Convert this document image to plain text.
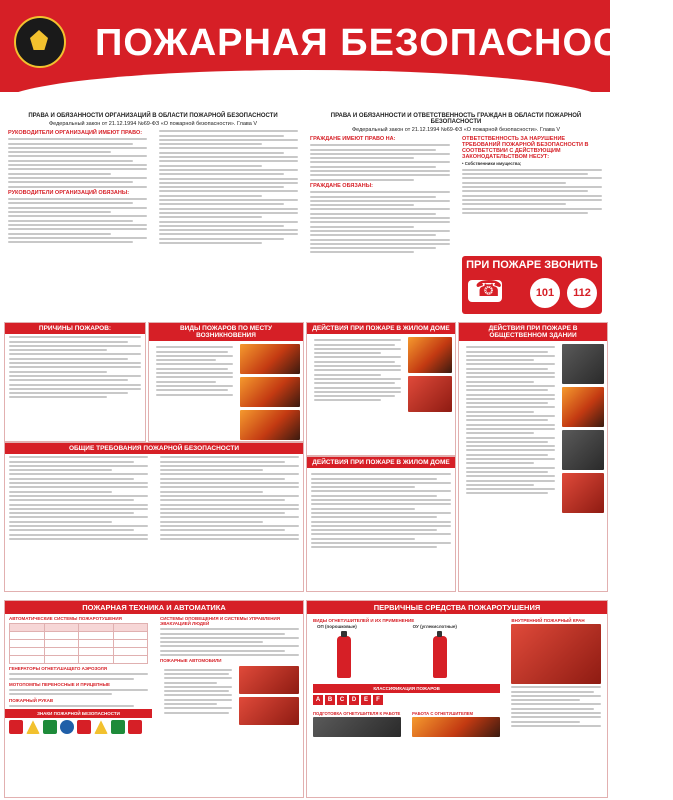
ПОЖАРНАЯ БЕЗОПАСНОСТЬ
ПРАВА И ОБЯЗАННОСТИ ОРГАНИЗАЦИЙ В ОБЛАСТИ ПОЖАРНОЙ БЕЗОПАСНОСТИ
Федеральный закон от 21.12.1994 №69-ФЗ «О пожарной безопасности». Глава V
РУКОВОДИТЕЛИ ОРГАНИЗАЦИЙ ИМЕЮТ ПРАВО:
РУКОВОДИТЕЛИ ОРГАНИЗАЦИЙ ОБЯЗАНЫ:
ПРАВА И ОБЯЗАННОСТИ И ОТВЕТСТВЕННОСТЬ ГРАЖДАН В ОБЛАСТИ ПОЖАРНОЙ БЕЗОПАСНОСТИ
Федеральный закон от 21.12.1994 №69-ФЗ «О пожарной безопасности». Глава V
ГРАЖДАНЕ ИМЕЮТ ПРАВО НА:
ГРАЖДАНЕ ОБЯЗАНЫ:
ОТВЕТСТВЕННОСТЬ ЗА НАРУШЕНИЕ ТРЕБОВАНИЙ ПОЖАРНОЙ БЕЗОПАСНОСТИ В СООТВЕТСТВИИ С ДЕЙСТВУЮЩИМ ЗАКОНОДАТЕЛЬСТВОМ НЕСУТ:
• Собственники имущества;
ПРИ ПОЖАРЕ ЗВОНИТЬ
☎
101	112
ПРИЧИНЫ ПОЖАРОВ:	ВИДЫ ПОЖАРОВ ПО МЕСТУ ВОЗНИКНОВЕНИЯ
ОБЩИЕ ТРЕБОВАНИЯ ПОЖАРНОЙ БЕЗОПАСНОСТИ
ДЕЙСТВИЯ ПРИ ПОЖАРЕ В ЖИЛОМ ДОМЕ	ДЕЙСТВИЯ ПРИ ПОЖАРЕ В ОБЩЕСТВЕННОМ ЗДАНИИ
ДЕЙСТВИЯ ПРИ ПОЖАРЕ В ЖИЛОМ ДОМЕ
ПОЖАРНАЯ ТЕХНИКА И АВТОМАТИКА
АВТОМАТИЧЕСКИЕ СИСТЕМЫ ПОЖАРОТУШЕНИЯ

ГЕНЕРАТОРЫ ОГНЕТУШАЩЕГО АЭРОЗОЛЯ
МОТОПОМПЫ ПЕРЕНОСНЫЕ И ПРИЦЕПНЫЕ
ПОЖАРНЫЙ РУКАВ
ЗНАКИ ПОЖАРНОЙ БЕЗОПАСНОСТИ
СИСТЕМЫ ОПОВЕЩЕНИЯ И СИСТЕМЫ УПРАВЛЕНИЯ ЭВАКУАЦИЕЙ ЛЮДЕЙ
ПОЖАРНЫЕ АВТОМОБИЛИ
ПЕРВИЧНЫЕ СРЕДСТВА ПОЖАРОТУШЕНИЯ
ВИДЫ ОГНЕТУШИТЕЛЕЙ И ИХ ПРИМЕНЕНИЕ
ОП (порошковые)	ОУ (углекислотные)
КЛАССИФИКАЦИЯ ПОЖАРОВ
A	B	C	D	E	F
ПОДГОТОВКА ОГНЕТУШИТЕЛЯ К РАБОТЕ	РАБОТА С ОГНЕТУШИТЕЛЕМ
ВНУТРЕННИЙ ПОЖАРНЫЙ КРАН
